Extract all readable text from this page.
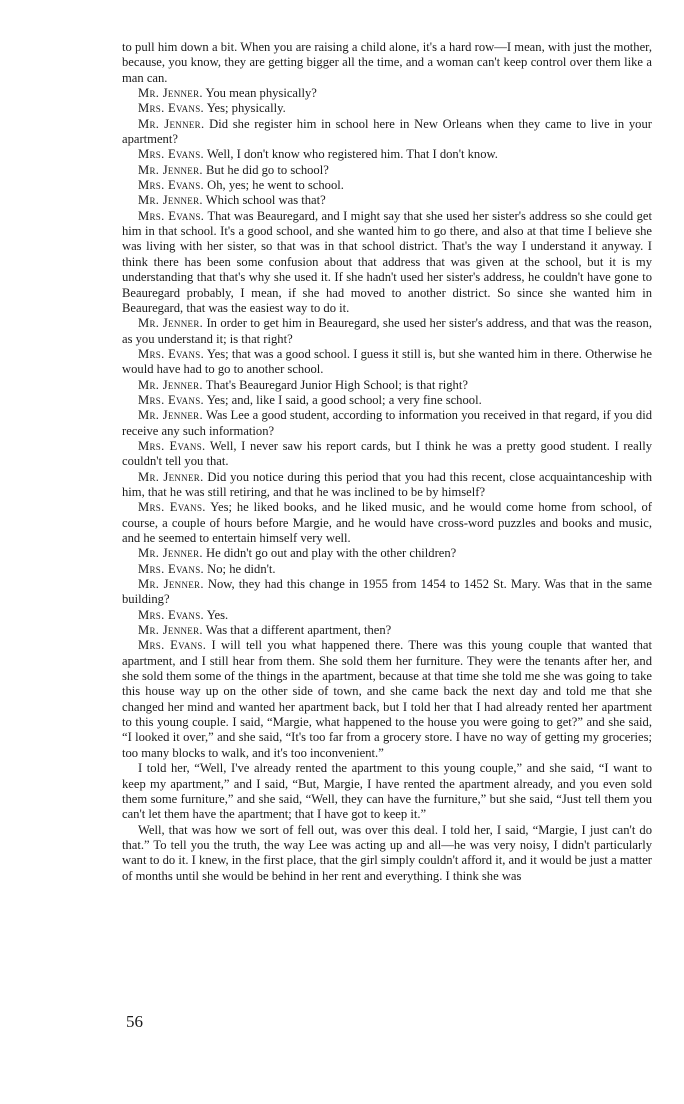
to pull him down a bit. When you are raising a child alone, it's a hard row—I mean, with just the mother, because, you know, they are getting bigger all the time, and a woman can't keep control over them like a man can.

Mr. Jenner. You mean physically?

Mrs. Evans. Yes; physically.

Mr. Jenner. Did she register him in school here in New Orleans when they came to live in your apartment?

Mrs. Evans. Well, I don't know who registered him. That I don't know.

Mr. Jenner. But he did go to school?

Mrs. Evans. Oh, yes; he went to school.

Mr. Jenner. Which school was that?

Mrs. Evans. That was Beauregard, and I might say that she used her sister's address so she could get him in that school. It's a good school, and she wanted him to go there, and also at that time I believe she was living with her sister, so that was in that school district. That's the way I understand it anyway. I think there has been some confusion about that address that was given at the school, but it is my understanding that that's why she used it. If she hadn't used her sister's address, he couldn't have gone to Beauregard probably, I mean, if she had moved to another district. So since she wanted him in Beauregard, that was the easiest way to do it.

Mr. Jenner. In order to get him in Beauregard, she used her sister's address, and that was the reason, as you understand it; is that right?

Mrs. Evans. Yes; that was a good school. I guess it still is, but she wanted him in there. Otherwise he would have had to go to another school.

Mr. Jenner. That's Beauregard Junior High School; is that right?

Mrs. Evans. Yes; and, like I said, a good school; a very fine school.

Mr. Jenner. Was Lee a good student, according to information you received in that regard, if you did receive any such information?

Mrs. Evans. Well, I never saw his report cards, but I think he was a pretty good student. I really couldn't tell you that.

Mr. Jenner. Did you notice during this period that you had this recent, close acquaintanceship with him, that he was still retiring, and that he was inclined to be by himself?

Mrs. Evans. Yes; he liked books, and he liked music, and he would come home from school, of course, a couple of hours before Margie, and he would have cross-word puzzles and books and music, and he seemed to entertain himself very well.

Mr. Jenner. He didn't go out and play with the other children?

Mrs. Evans. No; he didn't.

Mr. Jenner. Now, they had this change in 1955 from 1454 to 1452 St. Mary. Was that in the same building?

Mrs. Evans. Yes.

Mr. Jenner. Was that a different apartment, then?

Mrs. Evans. I will tell you what happened there. There was this young couple that wanted that apartment, and I still hear from them. She sold them her furniture. They were the tenants after her, and she sold them some of the things in the apartment, because at that time she told me she was going to take this house way up on the other side of town, and she came back the next day and told me that she changed her mind and wanted her apartment back, but I told her that I had already rented her apartment to this young couple. I said, “Margie, what happened to the house you were going to get?” and she said, “I looked it over,” and she said, “It's too far from a grocery store. I have no way of getting my groceries; too many blocks to walk, and it's too inconvenient.”

I told her, “Well, I've already rented the apartment to this young couple,” and she said, “I want to keep my apartment,” and I said, “But, Margie, I have rented the apartment already, and you even sold them some furniture,” and she said, “Well, they can have the furniture,” but she said, “Just tell them you can't let them have the apartment; that I have got to keep it.”

Well, that was how we sort of fell out, was over this deal. I told her, I said, “Margie, I just can't do that.” To tell you the truth, the way Lee was acting up and all—he was very noisy, I didn't particularly want to do it. I knew, in the first place, that the girl simply couldn't afford it, and it would be just a matter of months until she would be behind in her rent and everything. I think she was

56
